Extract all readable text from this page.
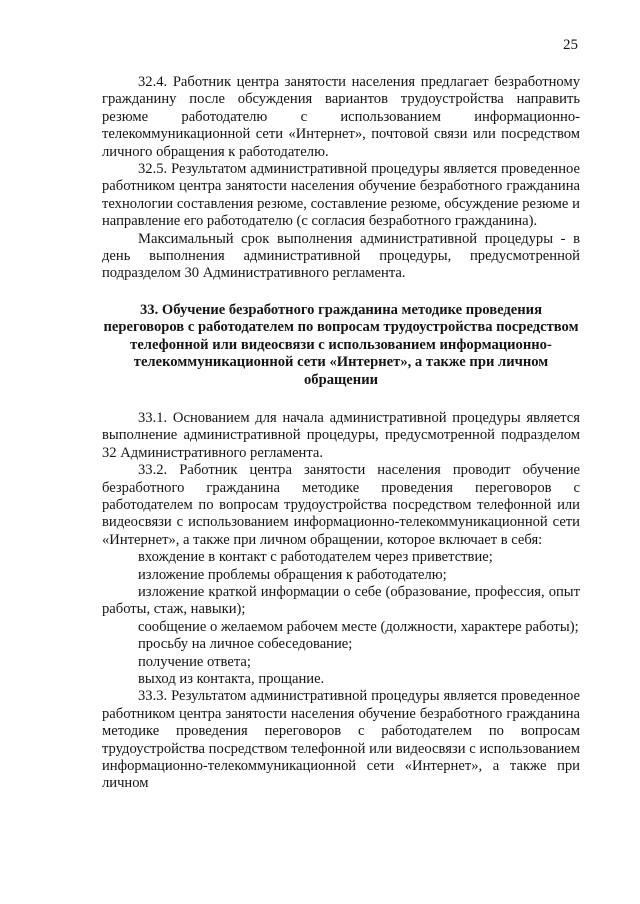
25

32.4. Работник центра занятости населения предлагает безработному гражданину после обсуждения вариантов трудоустройства направить резюме работодателю с использованием информационно-телекоммуникационной сети «Интернет», почтовой связи или посредством личного обращения к работодателю.

32.5. Результатом административной процедуры является проведенное работником центра занятости населения обучение безработного гражданина технологии составления резюме, составление резюме, обсуждение резюме и направление его работодателю (с согласия безработного гражданина).

Максимальный срок выполнения административной процедуры - в день выполнения административной процедуры, предусмотренной подразделом 30 Административного регламента.

33. Обучение безработного гражданина методике проведения переговоров с работодателем по вопросам трудоустройства посредством телефонной или видеосвязи с использованием информационно-телекоммуникационной сети «Интернет», а также при личном обращении

33.1. Основанием для начала административной процедуры является выполнение административной процедуры, предусмотренной подразделом 32 Административного регламента.

33.2. Работник центра занятости населения проводит обучение безработного гражданина методике проведения переговоров с работодателем по вопросам трудоустройства посредством телефонной или видеосвязи с использованием информационно-телекоммуникационной сети «Интернет», а также при личном обращении, которое включает в себя:

вхождение в контакт с работодателем через приветствие;

изложение проблемы обращения к работодателю;

изложение краткой информации о себе (образование, профессия, опыт работы, стаж, навыки);

сообщение о желаемом рабочем месте (должности, характере работы);

просьбу на личное собеседование;

получение ответа;

выход из контакта, прощание.

33.3. Результатом административной процедуры является проведенное работником центра занятости населения обучение безработного гражданина методике проведения переговоров с работодателем по вопросам трудоустройства посредством телефонной или видеосвязи с использованием информационно-телекоммуникационной сети «Интернет», а также при личном
